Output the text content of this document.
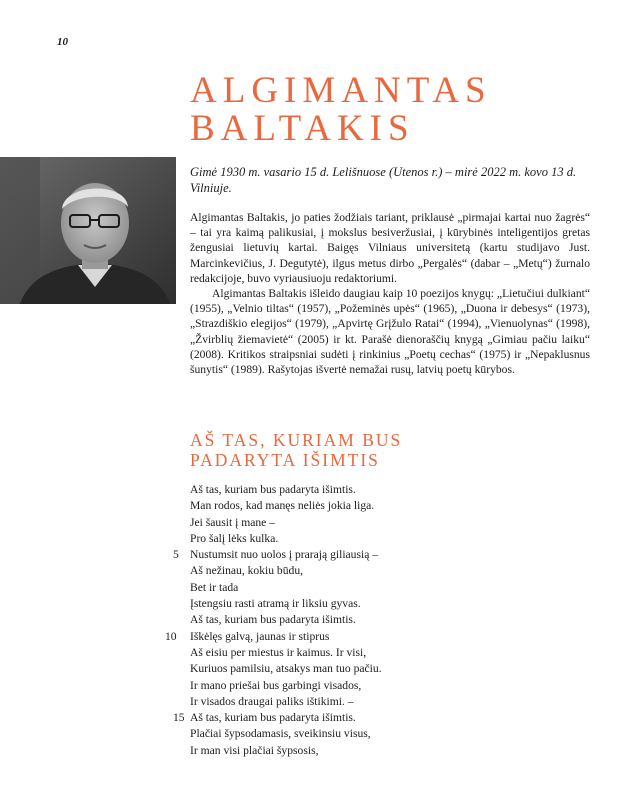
10
ALGIMANTAS
BALTAKIS
Gimė 1930 m. vasario 15 d. Lelišnuose (Utenos r.) – mirė 2022 m. kovo 13 d. Vilniuje.

Algimantas Baltakis, jo paties žodžiais tariant, priklausė „pirmajai kartai nuo žagrės“ – tai yra kaimą palikusiai, į mokslus besiveržusiai, į kūrybinės inteligentijos gretas žengusiai lietuvių kartai. Baigęs Vilniaus universitetą (kartu studijavo Just. Marcinkevičius, J. Degutytė), ilgus metus dirbo „Pergalės“ (dabar – „Metų“) žurnalo redakcijoje, buvo vyriausiuoju redaktoriumi.

Algimantas Baltakis išleido daugiau kaip 10 poezijos knygų: „Lietučiui dulkiant“ (1955), „Velnio tiltas“ (1957), „Požeminės upės“ (1965), „Duona ir debesys“ (1973), „Strazdiškio elegijos“ (1979), „Apvirtę Grįžulo Ratai“ (1994), „Vienuolynas“ (1998), „Žvirblių žiemavietė“ (2005) ir kt. Parašė dienoraščių knygą „Gimiau pačiu laiku“ (2008). Kritikos straipsniai sudėti į rinkinius „Poetų cechas“ (1975) ir „Nepaklusnus šunytis“ (1989). Rašytojas išvertė nemažai rusų, latvių poetų kūrybos.

AŠ TAS, KURIAM BUS
PADARYTA IŠIMTIS
Aš tas, kuriam bus padaryta išimtis.
Man rodos, kad manęs neliės jokia liga.
Jei šausit į mane –
Pro šalį lėks kulka.
5 Nustumsit nuo uolos į prarają giliausią –
Aš nežinau, kokiu būdu,
Bet ir tada
Įstengsiu rasti atramą ir liksiu gyvas.
Aš tas, kuriam bus padaryta išimtis.
10 Iškėlęs galvą, jaunas ir stiprus
Aš eisiu per miestus ir kaimus. Ir visi,
Kuriuos pamilsiu, atsakys man tuo pačiu.
Ir mano priešai bus garbingi visados,
Ir visados draugai paliks ištikimi. –
15 Aš tas, kuriam bus padaryta išimtis.
Plačiai šypsodamasis, sveikinsiu visus,
Ir man visi plačiai šypsosis,
